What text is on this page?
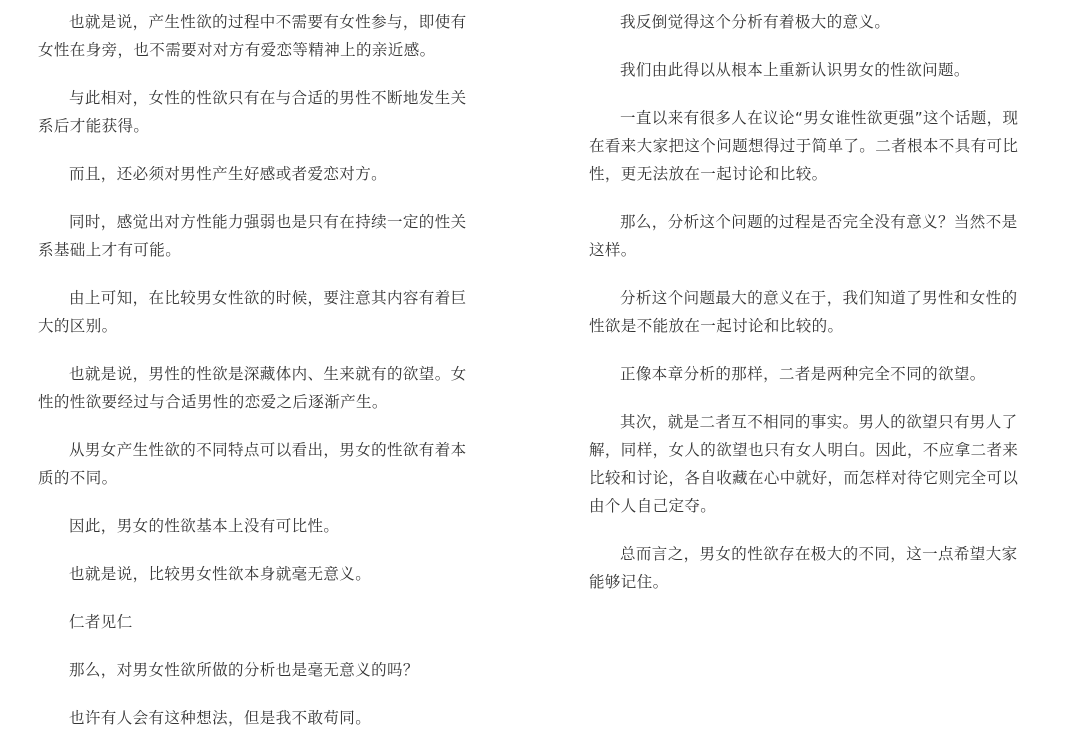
也就是说，产生性欲的过程中不需要有女性参与，即使有女性在身旁，也不需要对对方有爱恋等精神上的亲近感。

与此相对，女性的性欲只有在与合适的男性不断地发生关系后才能获得。

而且，还必须对男性产生好感或者爱恋对方。

同时，感觉出对方性能力强弱也是只有在持续一定的性关系基础上才有可能。

由上可知，在比较男女性欲的时候，要注意其内容有着巨大的区别。

也就是说，男性的性欲是深藏体内、生来就有的欲望。女性的性欲要经过与合适男性的恋爱之后逐渐产生。

从男女产生性欲的不同特点可以看出，男女的性欲有着本质的不同。

因此，男女的性欲基本上没有可比性。

也就是说，比较男女性欲本身就毫无意义。

仁者见仁

那么，对男女性欲所做的分析也是毫无意义的吗？

也许有人会有这种想法，但是我不敢苟同。

我反倒觉得这个分析有着极大的意义。

我们由此得以从根本上重新认识男女的性欲问题。

一直以来有很多人在议论“男女谁性欲更强”这个话题，现在看来大家把这个问题想得过于简单了。二者根本不具有可比性，更无法放在一起讨论和比较。

那么，分析这个问题的过程是否完全没有意义？当然不是这样。

分析这个问题最大的意义在于，我们知道了男性和女性的性欲是不能放在一起讨论和比较的。

正像本章分析的那样，二者是两种完全不同的欲望。

其次，就是二者互不相同的事实。男人的欲望只有男人了解，同样，女人的欲望也只有女人明白。因此，不应拿二者来比较和讨论，各自收藏在心中就好，而怎样对待它则完全可以由个人自己定夺。

总而言之，男女的性欲存在极大的不同，这一点希望大家能够记住。
